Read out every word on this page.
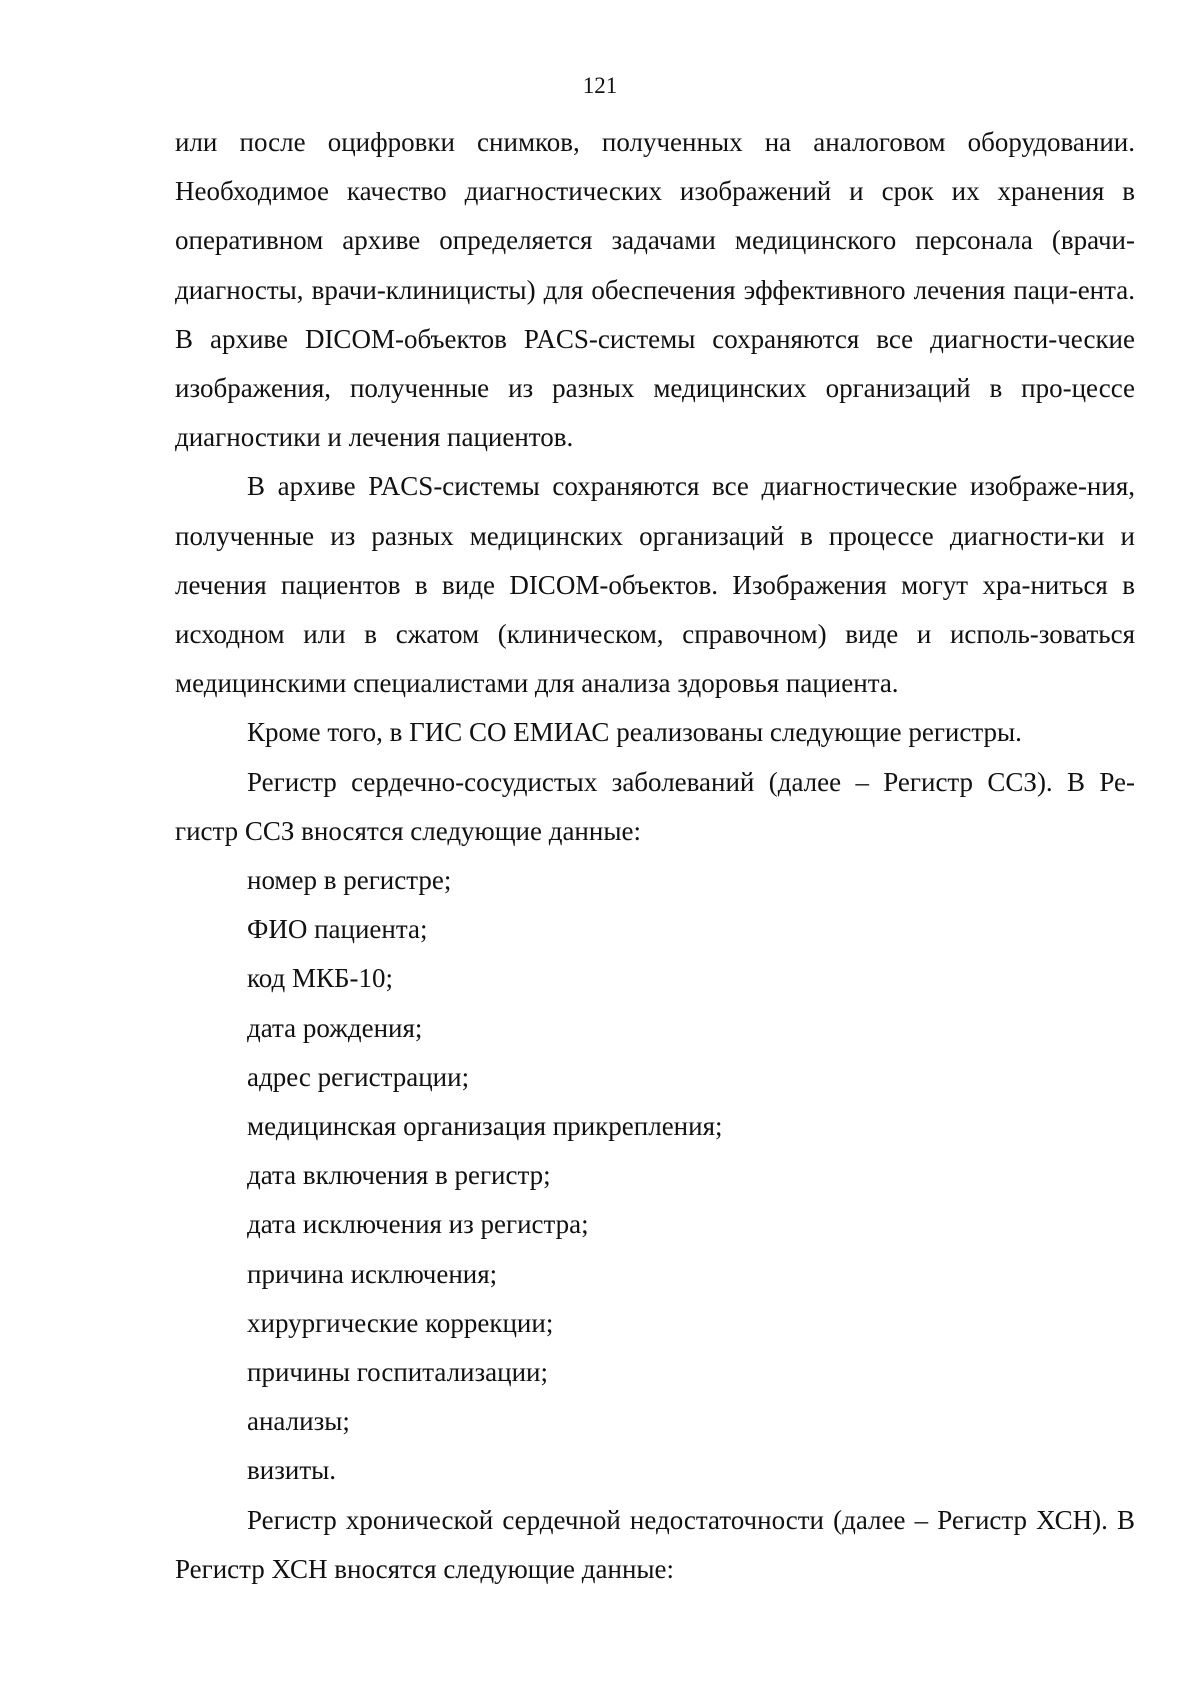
121

или после оцифровки снимков, полученных на аналоговом оборудовании. Необходимое качество диагностических изображений и срок их хранения в оперативном архиве определяется задачами медицинского персонала (врачи-диагносты, врачи-клиницисты) для обеспечения эффективного лечения паци-ента. В архиве DICOM-объектов PACS-системы сохраняются все диагности-ческие изображения, полученные из разных медицинских организаций в про-цессе диагностики и лечения пациентов.

В архиве PACS-системы сохраняются все диагностические изображе-ния, полученные из разных медицинских организаций в процессе диагности-ки и лечения пациентов в виде DICOM-объектов. Изображения могут хра-ниться в исходном или в сжатом (клиническом, справочном) виде и исполь-зоваться медицинскими специалистами для анализа здоровья пациента.

Кроме того, в ГИС СО ЕМИАС реализованы следующие регистры.

Регистр сердечно-сосудистых заболеваний (далее – Регистр ССЗ). В Ре-гистр ССЗ вносятся следующие данные:

номер в регистре;
ФИО пациента;
код МКБ-10;
дата рождения;
адрес регистрации;
медицинская организация прикрепления;
дата включения в регистр;
дата исключения из регистра;
причина исключения;
хирургические коррекции;
причины госпитализации;
анализы;
визиты.

Регистр хронической сердечной недостаточности (далее – Регистр ХСН). В Регистр ХСН вносятся следующие данные:
